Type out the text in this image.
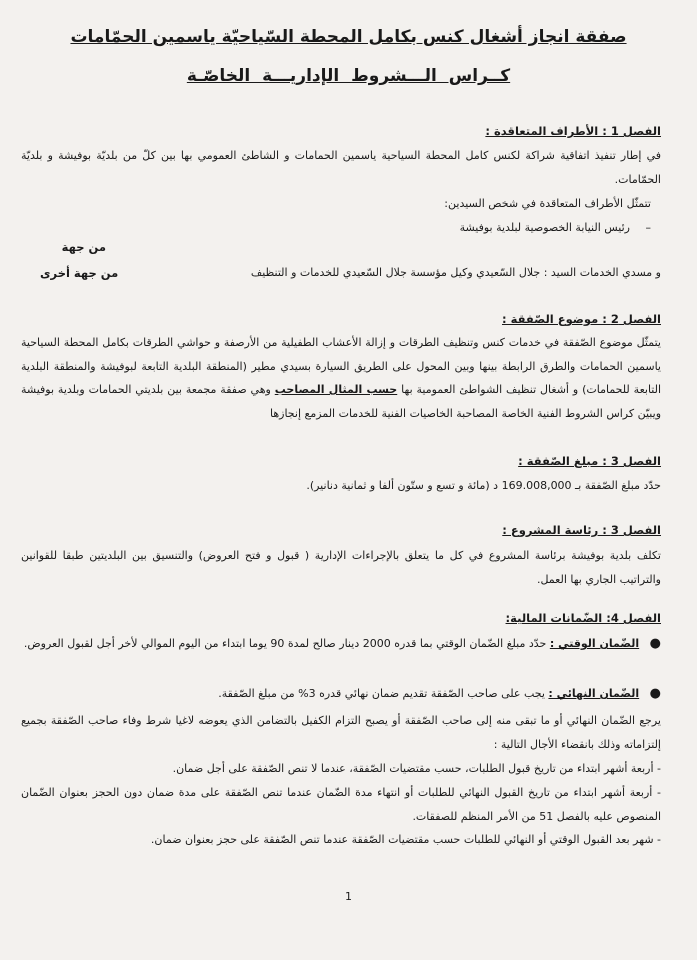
صفقة انجاز أشغال كنس بكامل المحطة السّياحيّة ياسمين الحمّامات
كــراس الـــشروط الإداريـــة الخاصّـة
الفصل 1 : الأطراف المتعاقدة :
في إطار تنفيذ اتفاقية شراكة لكنس كامل المحطة السياحية ياسمين الحمامات و الشاطئ العمومي بها بين كلّ من بلديّة بوفيشة و بلديّة الحمّامات.
تتمثّل الأطراف المتعاقدة في شخص السيدين:
– رئيس النيابة الخصوصية لبلدية بوفيشة
من جهة
و مسدي الخدمات السيد : جلال السّعيدي وكيل مؤسسة جلال السّعيدي للخدمات و التنظيف
من جهة أخرى
الفصل 2 : موضوع الصّفقة :
يتمثّل موضوع الصّفقة في خدمات كنس وتنظيف الطرقات و إزالة الأعشاب الطفيلية من الأرصفة و حواشي الطرقات بكامل المحطة السياحية ياسمين الحمامات والطرق الرابطة بينها وبين المحول على الطريق السيارة بسيدي مطير (المنطقة البلدية التابعة لبوفيشة والمنطقة البلدية التابعة للحمامات) و أشغال تنظيف الشواطئ العمومية بها حسب المثال المصاحب وهي صفقة مجمعة بين بلديتي الحمامات وبلدية بوفيشة ويبيّن كراس الشروط الفنية الخاصة المصاحبة الخاصيات الفنية للخدمات المزمع إنجازها
الفصل 3 : مبلغ الصّفقة :
حدّد مبلغ الصّفقة بـ 169.008,000 د (مائة و تسع و ستّون ألفا و ثمانية دنانير).
الفصل 3 : رئاسة المشروع :
تكلف بلدية بوفيشة برئاسة المشروع في كل ما يتعلق بالإجراءات الإدارية ( قبول و فتح العروض) والتنسيق بين البلديتين طبقا للقوانين والتراتيب الجاري بها العمل.
الفصل 4: الضّمانات المالية:
●   الضّمان الوقتي : حدّد مبلغ الضّمان الوقتي بما قدره 2000 دينار صالح لمدة 90 يوما ابتداء من اليوم الموالي لأخر أجل لقبول العروض.
●   الضّمان النهائي : يجب على صاحب الصّفقة تقديم ضمان نهائي قدره 3% من مبلغ الصّفقة.
يرجع الضّمان النهائي أو ما تبقى منه إلى صاحب الصّفقة أو يصبح التزام الكفيل بالتضامن الذي يعوضه لاغيا شرط وفاء صاحب الصّفقة بجميع إلتزاماته وذلك بانقضاء الأجال التالية :
- أربعة أشهر ابتداء من تاريخ قبول الطلبات، حسب مقتضيات الصّفقة، عندما لا تنص الصّفقة على أجل ضمان.
- أربعة أشهر ابتداء من تاريخ القبول النهائي للطلبات أو انتهاء مدة الضّمان عندما تنص الصّفقة على مدة ضمان دون الحجز بعنوان الضّمان المنصوص عليه بالفصل 51 من الأمر المنظم للصفقات.
- شهر بعد القبول الوقتي أو النهائي للطلبات حسب مقتضيات الصّفقة عندما تنص الصّفقة على حجز بعنوان ضمان.
1
